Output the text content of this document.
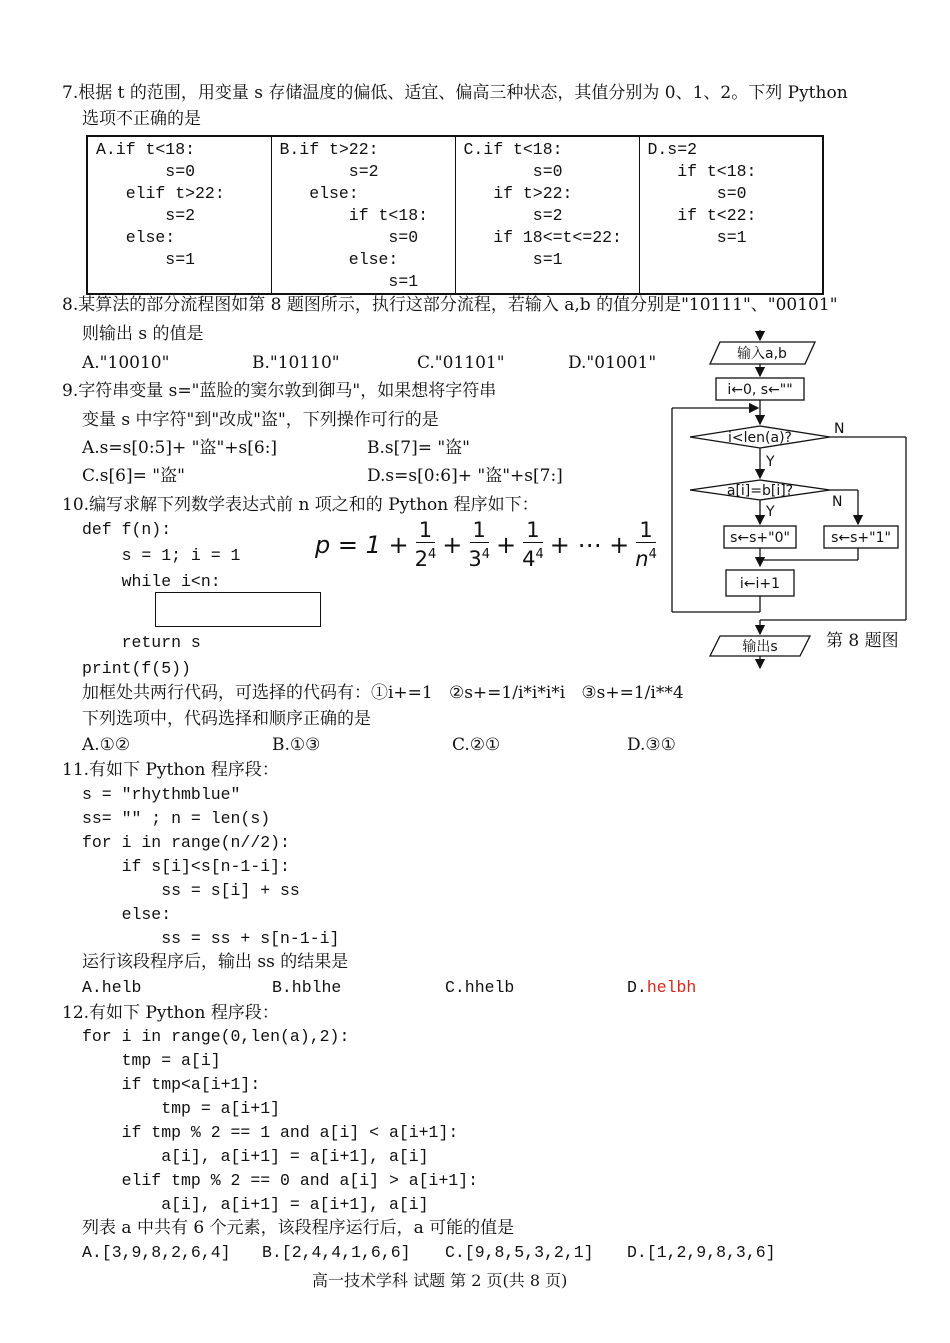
7.根据 t 的范围，用变量 s 存储温度的偏低、适宜、偏高三种状态，其值分别为 0、1、2。下列 Python
选项不正确的是
A.if t<18:
s=0
elif t>22:
s=2
else:
s=1

B.if t>22:
s=2
else:
if t<18:
s=0
else:
s=1

C.if t<18:
s=0
if t>22:
s=2
if 18<=t<=22:
s=1

D.s=2
if t<18:
s=0
if t<22:
s=1
8.某算法的部分流程图如第 8 题图所示，执行这部分流程，若输入 a,b 的值分别是"10111"、"00101"
则输出 s 的值是
A."10010"	B."10110"	C."01101"	D."01001"	输入a,b
i←0, s←""
i<len(a)?
N
Y
a[i]=b[i]?
N
Y
s←s+"0"	s←s+"1"
i←i+1
输出s	第 8 题图
9.字符串变量 s="蓝脸的窦尔敦到御马"，如果想将字符串
变量 s 中字符"到"改成"盗"，下列操作可行的是
A.s=s[0:5]+ "盗"+s[6:]	B.s[7]= "盗"
C.s[6]= "盗"	D.s=s[0:6]+ "盗"+s[7:]
10.编写求解下列数学表达式前 n 项之和的 Python 程序如下：
def f(n):
s = 1; i = 1
while i<n:
return s
print(f(5))
$p = 1 + \frac{1}{2^4} + \frac{1}{3^4} + \frac{1}{4^4}$ + ⋯ + $\frac{1}{n^4}$
加框处共两行代码，可选择的代码有：①i+=1   ②s+=1/i*i*i*i   ③s+=1/i**4
下列选项中，代码选择和顺序正确的是
A.①②	B.①③	C.②①	D.③①
11.有如下 Python 程序段：
s = "rhythmblue"
ss= "" ; n = len(s)
for i in range(n//2):
if s[i]<s[n-1-i]:
ss = s[i] + ss
else:
ss = ss + s[n-1-i]
运行该段程序后，输出 ss 的结果是
A.helb	B.hblhe	C.hhelb	D.helbh
12.有如下 Python 程序段：
for i in range(0,len(a),2):
tmp = a[i]
if tmp<a[i+1]:
tmp = a[i+1]
if tmp % 2 == 1 and a[i] < a[i+1]:
a[i], a[i+1] = a[i+1], a[i]
elif tmp % 2 == 0 and a[i] > a[i+1]:
a[i], a[i+1] = a[i+1], a[i]
列表 a 中共有 6 个元素，该段程序运行后，a 可能的值是
A.[3,9,8,2,6,4] B.[2,4,4,1,6,6] C.[9,8,5,3,2,1] D.[1,2,9,8,3,6]
高一技术学科 试题 第 2 页(共 8 页)
